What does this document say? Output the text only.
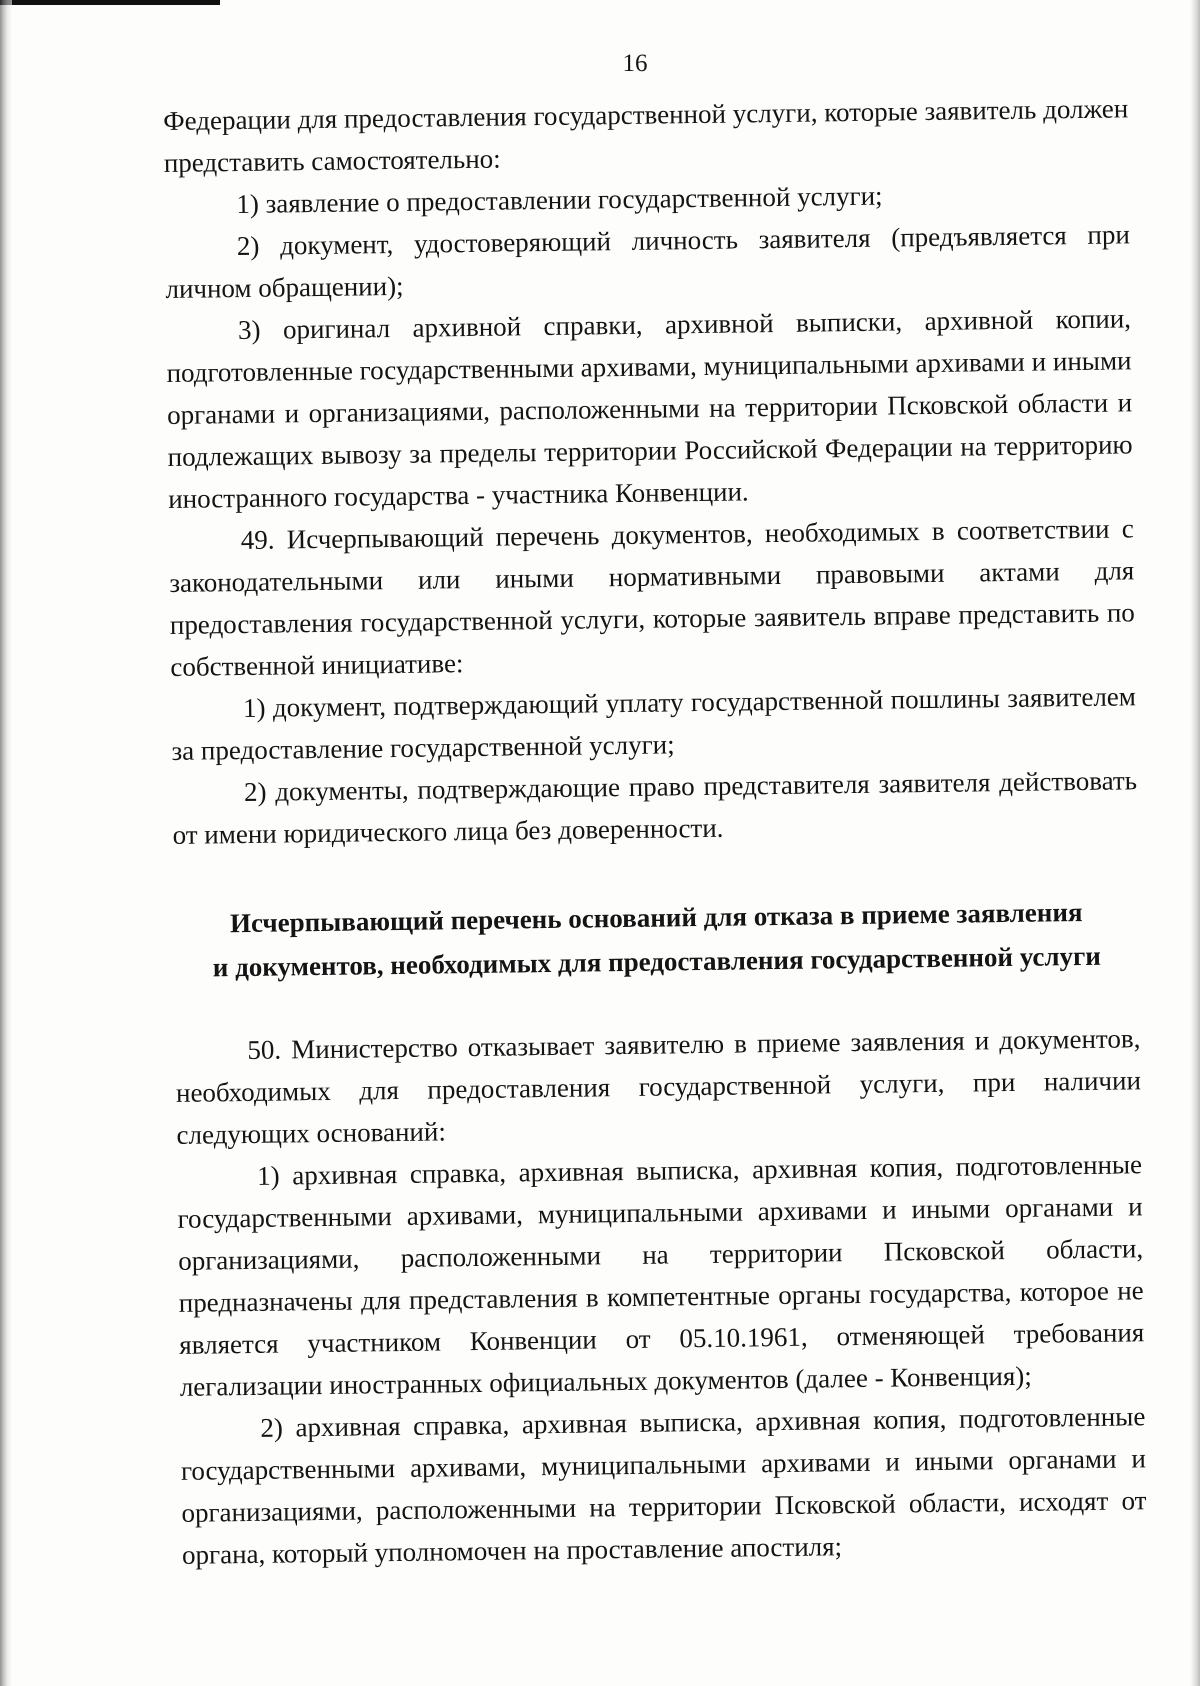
16

Федерации для предоставления государственной услуги, которые заявитель должен представить самостоятельно:

1) заявление о предоставлении государственной услуги;

2) документ, удостоверяющий личность заявителя (предъявляется при личном обращении);

3) оригинал архивной справки, архивной выписки, архивной копии, подготовленные государственными архивами, муниципальными архивами и иными органами и организациями, расположенными на территории Псковской области и подлежащих вывозу за пределы территории Российской Федерации на территорию иностранного государства - участника Конвенции.

49. Исчерпывающий перечень документов, необходимых в соответствии с законодательными или иными нормативными правовыми актами для предоставления государственной услуги, которые заявитель вправе представить по собственной инициативе:

1) документ, подтверждающий уплату государственной пошлины заявителем за предоставление государственной услуги;

2) документы, подтверждающие право представителя заявителя действовать от имени юридического лица без доверенности.

Исчерпывающий перечень оснований для отказа в приеме заявления
и документов, необходимых для предоставления государственной услуги

50. Министерство отказывает заявителю в приеме заявления и документов, необходимых для предоставления государственной услуги, при наличии следующих оснований:

1) архивная справка, архивная выписка, архивная копия, подготовленные государственными архивами, муниципальными архивами и иными органами и организациями, расположенными на территории Псковской области, предназначены для представления в компетентные органы государства, которое не является участником Конвенции от 05.10.1961, отменяющей требования легализации иностранных официальных документов (далее - Конвенция);

2) архивная справка, архивная выписка, архивная копия, подготовленные государственными архивами, муниципальными архивами и иными органами и организациями, расположенными на территории Псковской области, исходят от органа, который уполномочен на проставление апостиля;
